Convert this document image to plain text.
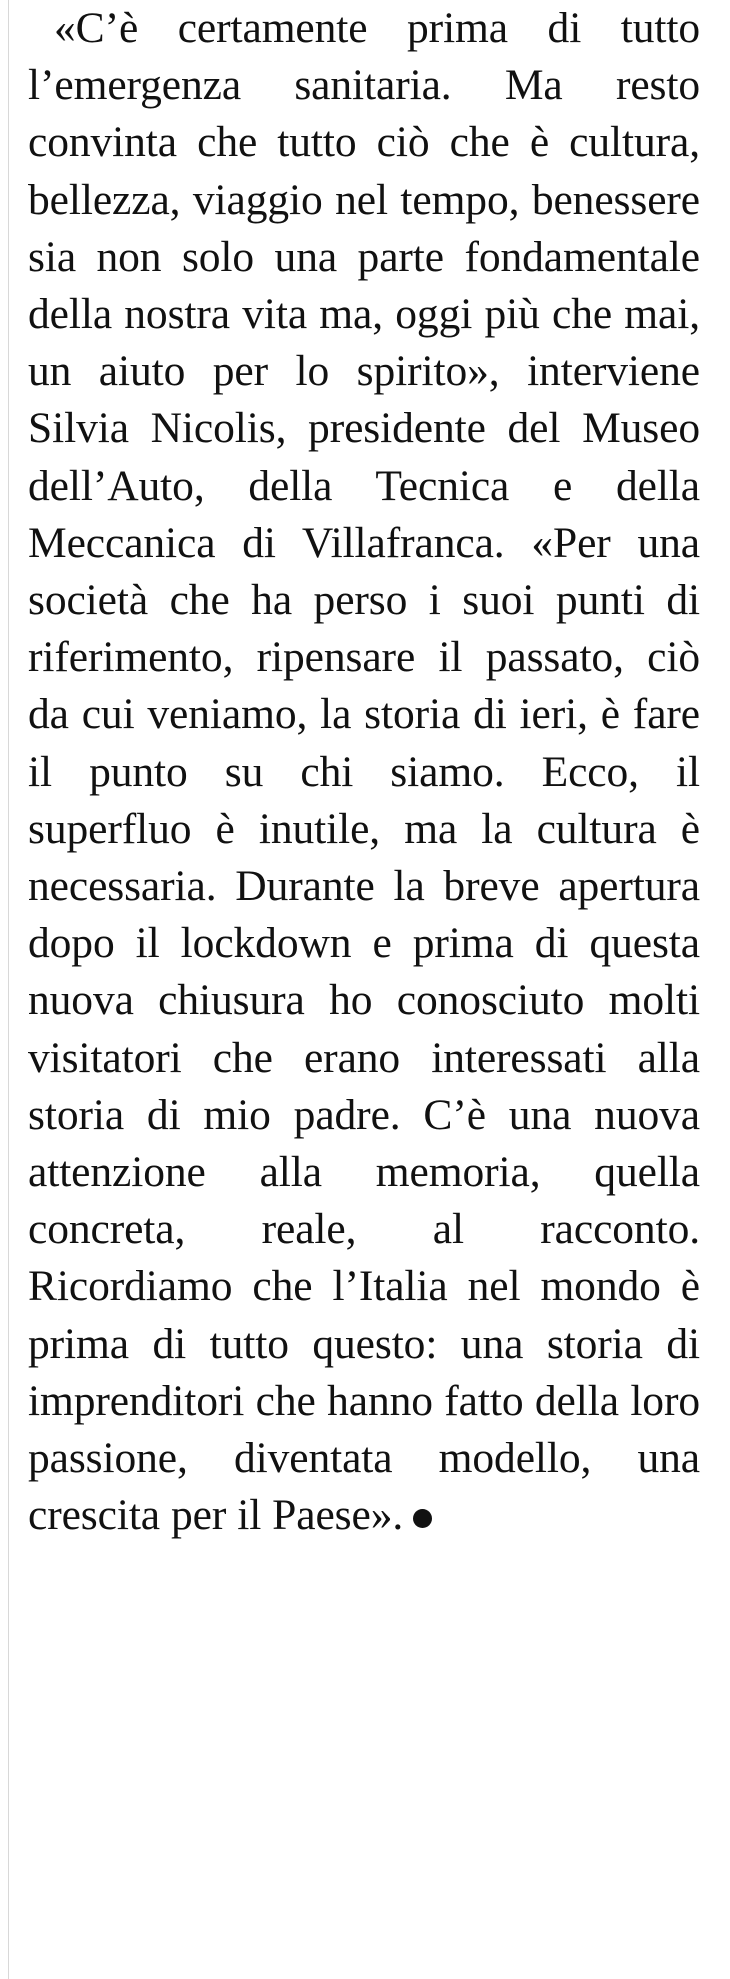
«C’è certamente prima di tutto l’emergenza sanitaria. Ma resto convinta che tutto ciò che è cultura, bellezza, viaggio nel tempo, benessere sia non solo una parte fondamentale della nostra vita ma, oggi più che mai, un aiuto per lo spirito», interviene Silvia Nicolis, presidente del Museo dell’Auto, della Tecnica e della Meccanica di Villafranca. «Per una società che ha perso i suoi punti di riferimento, ripensare il passato, ciò da cui veniamo, la storia di ieri, è fare il punto su chi siamo. Ecco, il superfluo è inutile, ma la cultura è necessaria. Durante la breve apertura dopo il lockdown e prima di questa nuova chiusura ho conosciuto molti visitatori che erano interessati alla storia di mio padre. C’è una nuova attenzione alla memoria, quella concreta, reale, al racconto. Ricordiamo che l’Italia nel mondo è prima di tutto questo: una storia di imprenditori che hanno fatto della loro passione, diventata modello, una crescita per il Paese».
